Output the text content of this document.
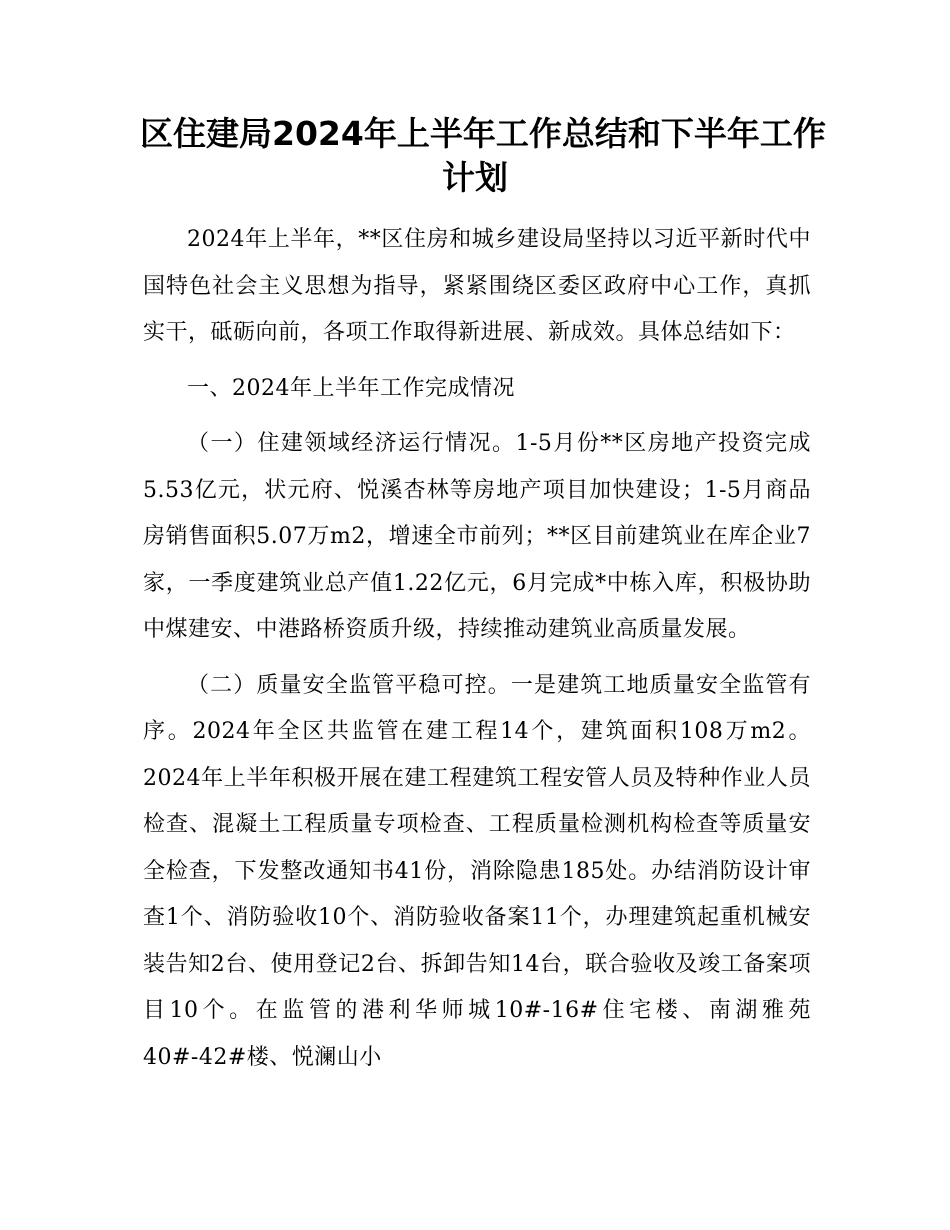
区住建局2024年上半年工作总结和下半年工作
计划

2024年上半年，**区住房和城乡建设局坚持以习近平新时代中国特色社会主义思想为指导，紧紧围绕区委区政府中心工作，真抓实干，砥砺向前，各项工作取得新进展、新成效。具体总结如下：

一、2024年上半年工作完成情况

（一）住建领域经济运行情况。1-5月份**区房地产投资完成5.53亿元，状元府、悦溪杏林等房地产项目加快建设；1-5月商品房销售面积5.07万m2，增速全市前列；**区目前建筑业在库企业7家，一季度建筑业总产值1.22亿元，6月完成*中栋入库，积极协助中煤建安、中港路桥资质升级，持续推动建筑业高质量发展。

（二）质量安全监管平稳可控。一是建筑工地质量安全监管有序。2024年全区共监管在建工程14个，建筑面积108万m2。2024年上半年积极开展在建工程建筑工程安管人员及特种作业人员检查、混凝土工程质量专项检查、工程质量检测机构检查等质量安全检查，下发整改通知书41份，消除隐患185处。办结消防设计审查1个、消防验收10个、消防验收备案11个，办理建筑起重机械安装告知2台、使用登记2台、拆卸告知14台，联合验收及竣工备案项目10个。在监管的港利华师城10#-16#住宅楼、南湖雅苑40#-42#楼、悦澜山小
